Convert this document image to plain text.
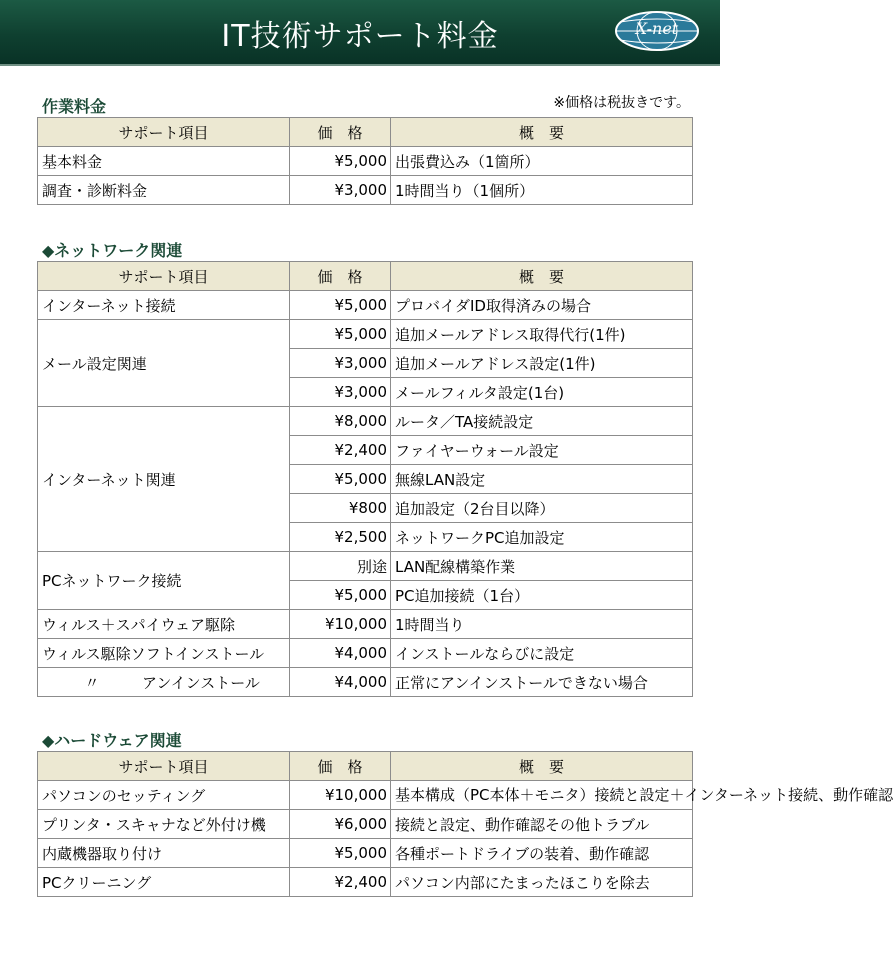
IT技術サポート料金	X-net
作業料金	※価格は税抜きです。
サポート項目	価　格	概　要
基本料金	¥5,000	出張費込み（1箇所）
調査・診断料金	¥3,000	1時間当り（1個所）
◆ネットワーク関連
サポート項目	価　格	概　要
インターネット接続	¥5,000	プロバイダID取得済みの場合
メール設定関連	¥5,000	追加メールアドレス取得代行(1件)
	¥3,000	追加メールアドレス設定(1件)
	¥3,000	メールフィルタ設定(1台)
インターネット関連	¥8,000	ルータ／TA接続設定
	¥2,400	ファイヤーウォール設定
	¥5,000	無線LAN設定
	¥800	追加設定（2台目以降）
	¥2,500	ネットワークPC追加設定
PCネットワーク接続	別途	LAN配線構築作業
	¥5,000	PC追加接続（1台）
ウィルス＋スパイウェア駆除	¥10,000	1時間当り
ウィルス駆除ソフトインストール	¥4,000	インストールならびに設定
〃 アンインストール	¥4,000	正常にアンインストールできない場合
◆ハードウェア関連
サポート項目	価　格	概　要
パソコンのセッティング	¥10,000	基本構成（PC本体＋モニタ）接続と設定＋インターネット接続、動作確認
プリンタ・スキャナなど外付け機	¥6,000	接続と設定、動作確認その他トラブル
内蔵機器取り付け	¥5,000	各種ポートドライブの装着、動作確認
PCクリーニング	¥2,400	パソコン内部にたまったほこりを除去
